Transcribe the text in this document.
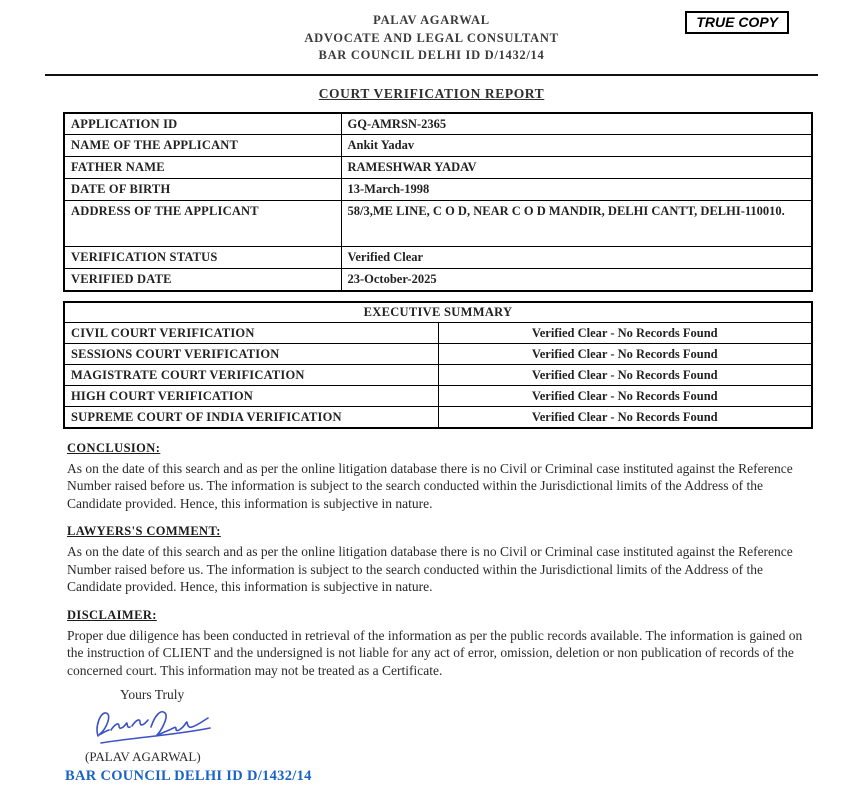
TRUE COPY
PALAV AGARWAL
ADVOCATE AND LEGAL CONSULTANT
BAR COUNCIL DELHI ID D/1432/14
COURT VERIFICATION REPORT
APPLICATION ID	GQ-AMRSN-2365
NAME OF THE APPLICANT	Ankit Yadav
FATHER NAME	RAMESHWAR YADAV
DATE OF BIRTH	13-March-1998
ADDRESS OF THE APPLICANT	58/3,ME LINE, C O D, NEAR C O D MANDIR, DELHI CANTT, DELHI-110010.
VERIFICATION STATUS	Verified Clear
VERIFIED DATE	23-October-2025
EXECUTIVE SUMMARY	
CIVIL COURT VERIFICATION	Verified Clear - No Records Found
SESSIONS COURT VERIFICATION	Verified Clear - No Records Found
MAGISTRATE COURT VERIFICATION	Verified Clear - No Records Found
HIGH COURT VERIFICATION	Verified Clear - No Records Found
SUPREME COURT OF INDIA VERIFICATION	Verified Clear - No Records Found
CONCLUSION:

As on the date of this search and as per the online litigation database there is no Civil or Criminal case instituted against the Reference Number raised before us. The information is subject to the search conducted within the Jurisdictional limits of the Address of the Candidate provided. Hence, this information is subjective in nature.

LAWYERS'S COMMENT:

As on the date of this search and as per the online litigation database there is no Civil or Criminal case instituted against the Reference Number raised before us. The information is subject to the search conducted within the Jurisdictional limits of the Address of the Candidate provided. Hence, this information is subjective in nature.

DISCLAIMER:

Proper due diligence has been conducted in retrieval of the information as per the public records available. The information is gained on the instruction of CLIENT and the undersigned is not liable for any act of error, omission, deletion or non publication of records of the concerned court. This information may not be treated as a Certificate.

Yours Truly
(PALAV AGARWAL)
BAR COUNCIL DELHI ID D/1432/14
